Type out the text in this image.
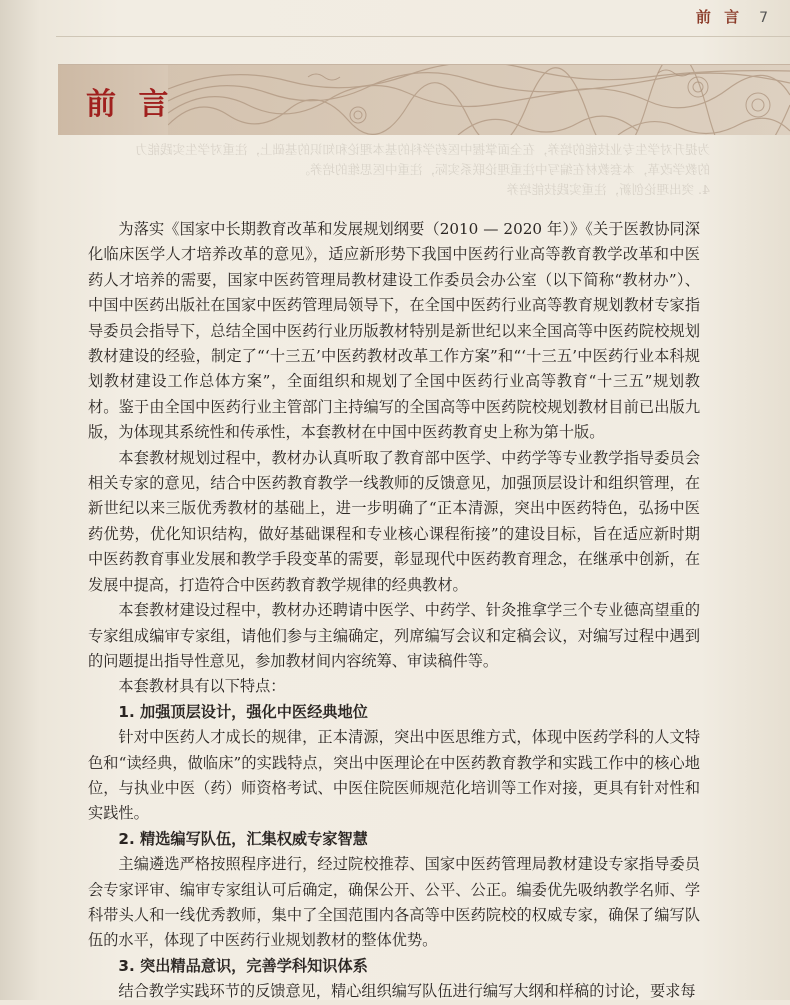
前 言 7
前 言
为提升对学生专业技能的培养，在全面掌握中医药学科的基本理论和知识的基础上，注重对学生实践能力
的教学改革，本套教材在编写中注重理论联系实际，注重中医思维的培养。
4. 突出理论创新，注重实践技能培养

为落实《国家中长期教育改革和发展规划纲要（2010 — 2020 年）》《关于医教协同深化临床医学人才培养改革的意见》，适应新形势下我国中医药行业高等教育教学改革和中医药人才培养的需要，国家中医药管理局教材建设工作委员会办公室（以下简称“教材办”）、中国中医药出版社在国家中医药管理局领导下，在全国中医药行业高等教育规划教材专家指导委员会指导下，总结全国中医药行业历版教材特别是新世纪以来全国高等中医药院校规划教材建设的经验，制定了“‘十三五’中医药教材改革工作方案”和“‘十三五’中医药行业本科规划教材建设工作总体方案”，全面组织和规划了全国中医药行业高等教育“十三五”规划教材。鉴于由全国中医药行业主管部门主持编写的全国高等中医药院校规划教材目前已出版九版，为体现其系统性和传承性，本套教材在中国中医药教育史上称为第十版。

本套教材规划过程中，教材办认真听取了教育部中医学、中药学等专业教学指导委员会相关专家的意见，结合中医药教育教学一线教师的反馈意见，加强顶层设计和组织管理，在新世纪以来三版优秀教材的基础上，进一步明确了“正本清源，突出中医药特色，弘扬中医药优势，优化知识结构，做好基础课程和专业核心课程衔接”的建设目标，旨在适应新时期中医药教育事业发展和教学手段变革的需要，彰显现代中医药教育理念，在继承中创新，在发展中提高，打造符合中医药教育教学规律的经典教材。

本套教材建设过程中，教材办还聘请中医学、中药学、针灸推拿学三个专业德高望重的专家组成编审专家组，请他们参与主编确定，列席编写会议和定稿会议，对编写过程中遇到的问题提出指导性意见，参加教材间内容统筹、审读稿件等。

本套教材具有以下特点：

1. 加强顶层设计，强化中医经典地位

针对中医药人才成长的规律，正本清源，突出中医思维方式，体现中医药学科的人文特色和“读经典，做临床”的实践特点，突出中医理论在中医药教育教学和实践工作中的核心地位，与执业中医（药）师资格考试、中医住院医师规范化培训等工作对接，更具有针对性和实践性。

2. 精选编写队伍，汇集权威专家智慧

主编遴选严格按照程序进行，经过院校推荐、国家中医药管理局教材建设专家指导委员会专家评审、编审专家组认可后确定，确保公开、公平、公正。编委优先吸纳教学名师、学科带头人和一线优秀教师，集中了全国范围内各高等中医药院校的权威专家，确保了编写队伍的水平，体现了中医药行业规划教材的整体优势。

3. 突出精品意识，完善学科知识体系

结合教学实践环节的反馈意见，精心组织编写队伍进行编写大纲和样稿的讨论，要求每
